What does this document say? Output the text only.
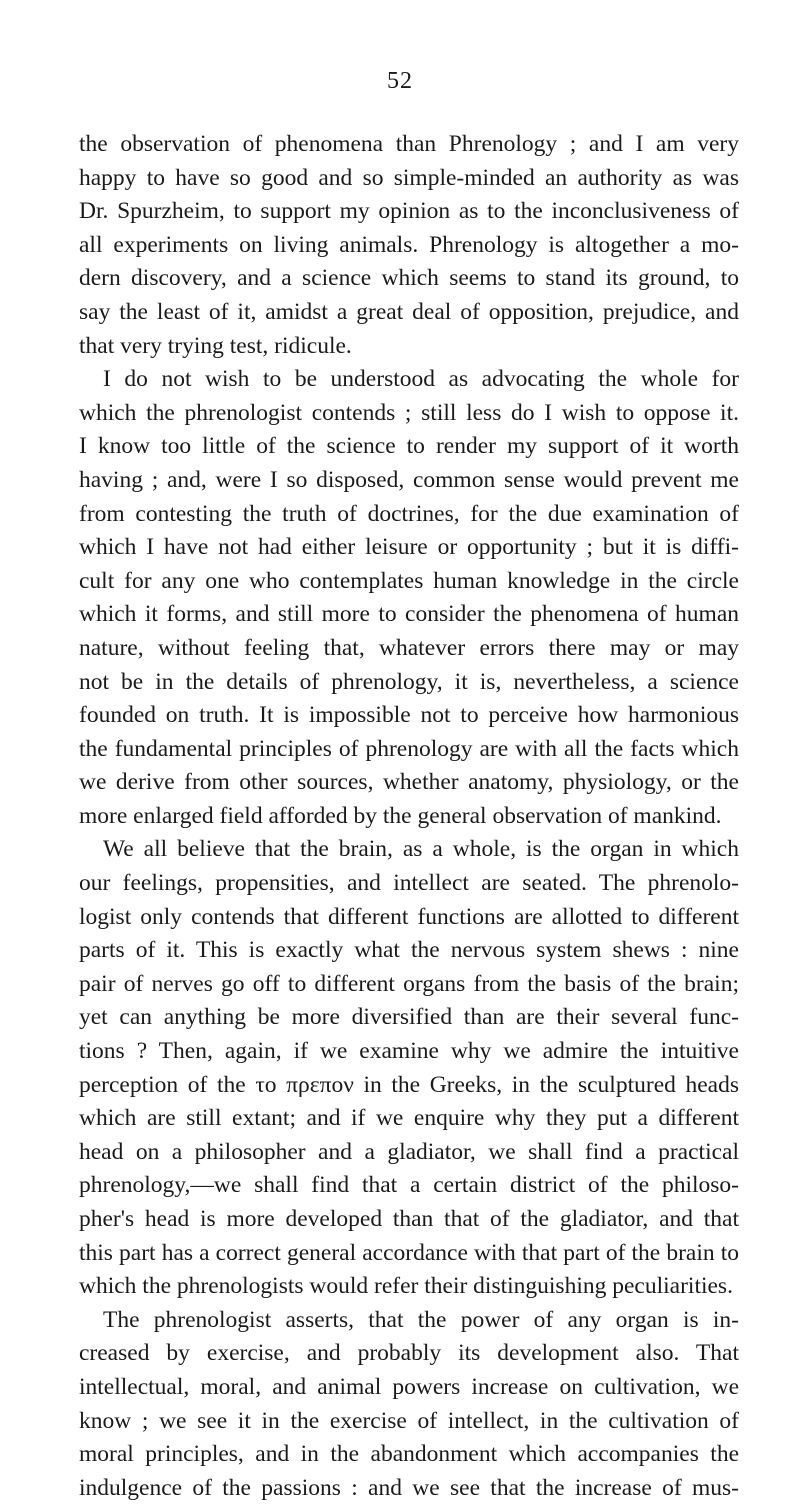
52
the observation of phenomena than Phrenology ; and I am very
happy to have so good and so simple-minded an authority as was
Dr. Spurzheim, to support my opinion as to the inconclusiveness of
all experiments on living animals. Phrenology is altogether a mo-
dern discovery, and a science which seems to stand its ground, to
say the least of it, amidst a great deal of opposition, prejudice, and
that very trying test, ridicule.
I do not wish to be understood as advocating the whole for
which the phrenologist contends ; still less do I wish to oppose it.
I know too little of the science to render my support of it worth
having ; and, were I so disposed, common sense would prevent me
from contesting the truth of doctrines, for the due examination of
which I have not had either leisure or opportunity ; but it is diffi-
cult for any one who contemplates human knowledge in the circle
which it forms, and still more to consider the phenomena of human
nature, without feeling that, whatever errors there may or may
not be in the details of phrenology, it is, nevertheless, a science
founded on truth. It is impossible not to perceive how harmonious
the fundamental principles of phrenology are with all the facts which
we derive from other sources, whether anatomy, physiology, or the
more enlarged field afforded by the general observation of mankind.
We all believe that the brain, as a whole, is the organ in which
our feelings, propensities, and intellect are seated. The phrenolo-
logist only contends that different functions are allotted to different
parts of it. This is exactly what the nervous system shews : nine
pair of nerves go off to different organs from the basis of the brain;
yet can anything be more diversified than are their several func-
tions ? Then, again, if we examine why we admire the intuitive
perception of the το πρεπον in the Greeks, in the sculptured heads
which are still extant; and if we enquire why they put a different
head on a philosopher and a gladiator, we shall find a practical
phrenology,—we shall find that a certain district of the philoso-
pher's head is more developed than that of the gladiator, and that
this part has a correct general accordance with that part of the brain to
which the phrenologists would refer their distinguishing peculiarities.
The phrenologist asserts, that the power of any organ is in-
creased by exercise, and probably its development also. That
intellectual, moral, and animal powers increase on cultivation, we
know ; we see it in the exercise of intellect, in the cultivation of
moral principles, and in the abandonment which accompanies the
indulgence of the passions : and we see that the increase of mus-
